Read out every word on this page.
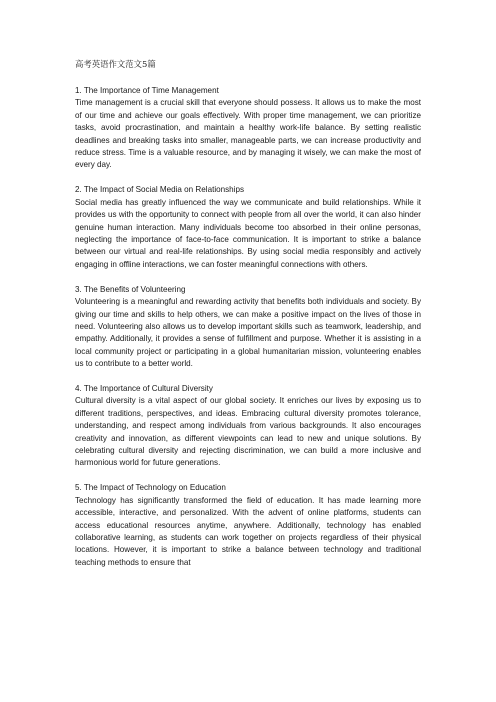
高考英语作文范文5篇

1. The Importance of Time Management

Time management is a crucial skill that everyone should possess. It allows us to make the most of our time and achieve our goals effectively. With proper time management, we can prioritize tasks, avoid procrastination, and maintain a healthy work-life balance. By setting realistic deadlines and breaking tasks into smaller, manageable parts, we can increase productivity and reduce stress. Time is a valuable resource, and by managing it wisely, we can make the most of every day.

2. The Impact of Social Media on Relationships

Social media has greatly influenced the way we communicate and build relationships. While it provides us with the opportunity to connect with people from all over the world, it can also hinder genuine human interaction. Many individuals become too absorbed in their online personas, neglecting the importance of face-to-face communication. It is important to strike a balance between our virtual and real-life relationships. By using social media responsibly and actively engaging in offline interactions, we can foster meaningful connections with others.

3. The Benefits of Volunteering

Volunteering is a meaningful and rewarding activity that benefits both individuals and society. By giving our time and skills to help others, we can make a positive impact on the lives of those in need. Volunteering also allows us to develop important skills such as teamwork, leadership, and empathy. Additionally, it provides a sense of fulfillment and purpose. Whether it is assisting in a local community project or participating in a global humanitarian mission, volunteering enables us to contribute to a better world.

4. The Importance of Cultural Diversity

Cultural diversity is a vital aspect of our global society. It enriches our lives by exposing us to different traditions, perspectives, and ideas. Embracing cultural diversity promotes tolerance, understanding, and respect among individuals from various backgrounds. It also encourages creativity and innovation, as different viewpoints can lead to new and unique solutions. By celebrating cultural diversity and rejecting discrimination, we can build a more inclusive and harmonious world for future generations.

5. The Impact of Technology on Education

Technology has significantly transformed the field of education. It has made learning more accessible, interactive, and personalized. With the advent of online platforms, students can access educational resources anytime, anywhere. Additionally, technology has enabled collaborative learning, as students can work together on projects regardless of their physical locations. However, it is important to strike a balance between technology and traditional teaching methods to ensure that
